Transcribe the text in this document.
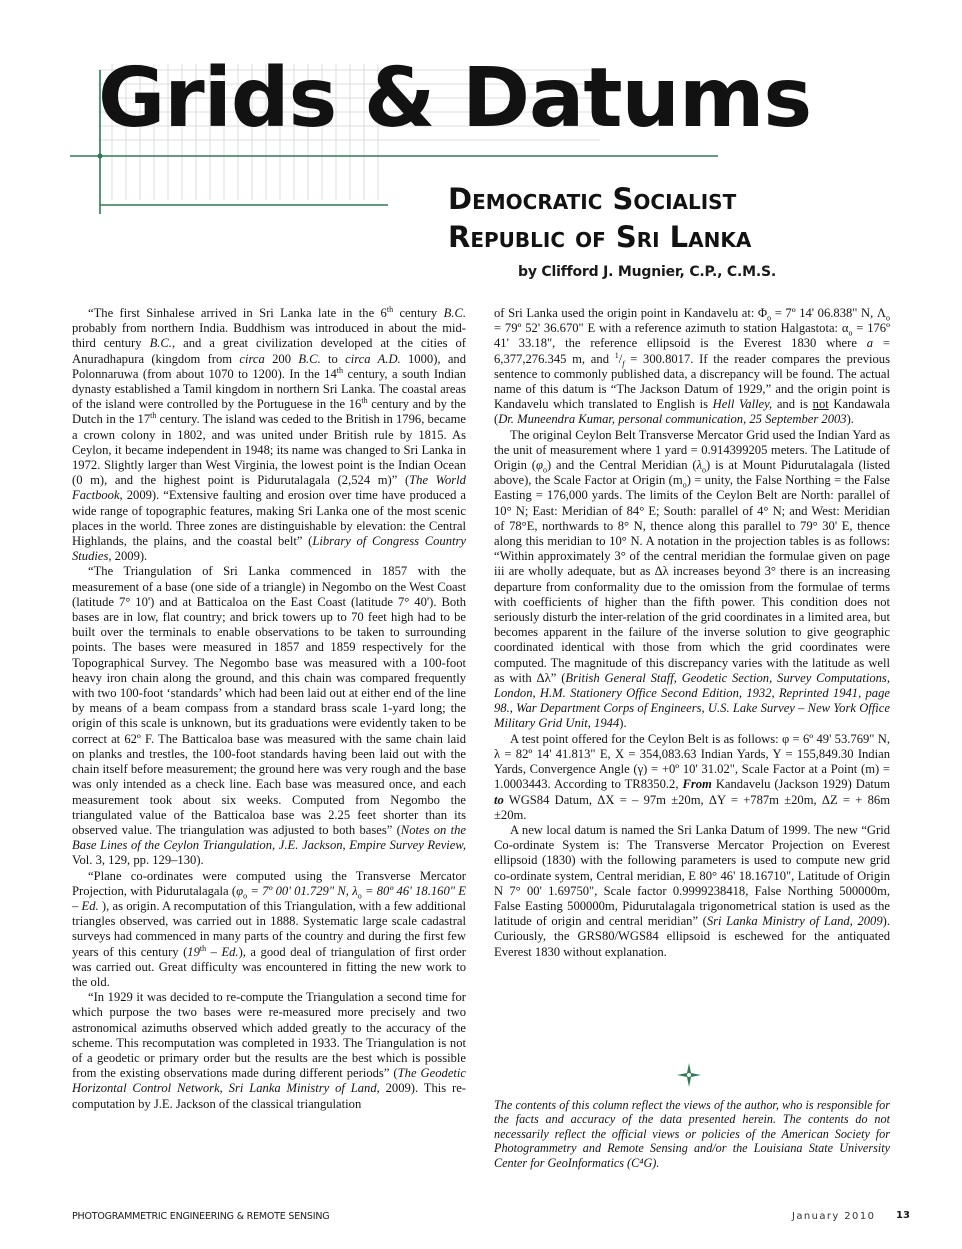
Grids & Datums
Democratic Socialist
Republic of Sri Lanka

by Clifford J. Mugnier, C.P., C.M.S.

“The first Sinhalese arrived in Sri Lanka late in the 6th century B.C. probably from northern India. Buddhism was introduced in about the mid-third century B.C., and a great civilization developed at the cities of Anuradhapura (kingdom from circa 200 B.C. to circa A.D. 1000), and Polonnaruwa (from about 1070 to 1200). In the 14th century, a south Indian dynasty established a Tamil kingdom in northern Sri Lanka. The coastal areas of the island were controlled by the Portuguese in the 16th century and by the Dutch in the 17th century. The island was ceded to the British in 1796, became a crown colony in 1802, and was united under British rule by 1815. As Ceylon, it became independent in 1948; its name was changed to Sri Lanka in 1972. Slightly larger than West Virginia, the lowest point is the Indian Ocean (0 m), and the highest point is Pidurutalagala (2,524 m)” (The World Factbook, 2009). “Extensive faulting and erosion over time have produced a wide range of topographic features, making Sri Lanka one of the most scenic places in the world. Three zones are distinguishable by elevation: the Central Highlands, the plains, and the coastal belt” (Library of Congress Country Studies, 2009).

“The Triangulation of Sri Lanka commenced in 1857 with the measurement of a base (one side of a triangle) in Negombo on the West Coast (latitude 7° 10') and at Batticaloa on the East Coast (latitude 7° 40'). Both bases are in low, flat country; and brick towers up to 70 feet high had to be built over the terminals to enable observations to be taken to surrounding points. The bases were measured in 1857 and 1859 respectively for the Topographical Survey. The Negombo base was measured with a 100-foot heavy iron chain along the ground, and this chain was compared frequently with two 100-foot ‘standards’ which had been laid out at either end of the line by means of a beam compass from a standard brass scale 1-yard long; the origin of this scale is unknown, but its graduations were evidently taken to be correct at 62º F. The Batticaloa base was measured with the same chain laid on planks and trestles, the 100-foot standards having been laid out with the chain itself before measurement; the ground here was very rough and the base was only intended as a check line. Each base was measured once, and each measurement took about six weeks. Computed from Negombo the triangulated value of the Batticaloa base was 2.25 feet shorter than its observed value. The triangulation was adjusted to both bases” (Notes on the Base Lines of the Ceylon Triangulation, J.E. Jackson, Empire Survey Review, Vol. 3, 129, pp. 129–130).

“Plane co-ordinates were computed using the Transverse Mercator Projection, with Pidurutalagala ($\varphi_o$ = 7º 00' 01.729" N, $\lambda_o$ = 80º 46' 18.160" E – Ed. ), as origin. A recomputation of this Triangulation, with a few additional triangles observed, was carried out in 1888. Systematic large scale cadastral surveys had commenced in many parts of the country and during the first few years of this century (19th – Ed.), a good deal of triangulation of first order was carried out. Great difficulty was encountered in fitting the new work to the old.

“In 1929 it was decided to re-compute the Triangulation a second time for which purpose the two bases were re-measured more precisely and two astronomical azimuths observed which added greatly to the accuracy of the scheme. This recomputation was completed in 1933. The Triangulation is not of a geodetic or primary order but the results are the best which is possible from the existing observations made during different periods” (The Geodetic Horizontal Control Network, Sri Lanka Ministry of Land, 2009). This re-computation by J.E. Jackson of the classical triangulation

of Sri Lanka used the origin point in Kandavelu at: $\Phi_o$ = 7º 14' 06.838" N, $\Lambda_o$ = 79º 52' 36.670" E with a reference azimuth to station Halgastota: $\alpha_o$ = 176º 41' 33.18", the reference ellipsoid is the Everest 1830 where a = 6,377,276.345 m, and $^1/_f = 300.8017$. If the reader compares the previous sentence to commonly published data, a discrepancy will be found. The actual name of this datum is “The Jackson Datum of 1929,” and the origin point is Kandavelu which translated to English is Hell Valley, and is not Kandawala (Dr. Muneendra Kumar, personal communication, 25 September 2003).

The original Ceylon Belt Transverse Mercator Grid used the Indian Yard as the unit of measurement where 1 yard = 0.914399205 meters. The Latitude of Origin $(\varphi_o)$ and the Central Meridian $(\lambda_o)$ is at Mount Pidurutalagala (listed above), the Scale Factor at Origin $(m_o)$ = unity, the False Northing = the False Easting = 176,000 yards. The limits of the Ceylon Belt are North: parallel of 10° N; East: Meridian of 84° E; South: parallel of 4° N; and West: Meridian of 78°E, northwards to 8° N, thence along this parallel to 79° 30' E, thence along this meridian to 10° N. A notation in the projection tables is as follows: “Within approximately 3° of the central meridian the formulae given on page iii are wholly adequate, but as Δλ increases beyond 3° there is an increasing departure from conformality due to the omission from the formulae of terms with coefficients of higher than the fifth power. This condition does not seriously disturb the inter-relation of the grid coordinates in a limited area, but becomes apparent in the failure of the inverse solution to give geographic coordinated identical with those from which the grid coordinates were computed. The magnitude of this discrepancy varies with the latitude as well as with Δλ” (British General Staff, Geodetic Section, Survey Computations, London, H.M. Stationery Office Second Edition, 1932, Reprinted 1941, page 98., War Department Corps of Engineers, U.S. Lake Survey – New York Office Military Grid Unit, 1944).

A test point offered for the Ceylon Belt is as follows: φ = 6º 49' 53.769" N, λ = 82º 14' 41.813" E, X = 354,083.63 Indian Yards, Y = 155,849.30 Indian Yards, Convergence Angle (γ) = +0º 10' 31.02", Scale Factor at a Point (m) = 1.0003443. According to TR8350.2, From Kandavelu (Jackson 1929) Datum to WGS84 Datum, ΔX = – 97m ±20m, ΔY = +787m ±20m, ΔZ = + 86m ±20m.

A new local datum is named the Sri Lanka Datum of 1999. The new “Grid Co-ordinate System is: The Transverse Mercator Projection on Everest ellipsoid (1830) with the following parameters is used to compute new grid co-ordinate system, Central meridian, E 80° 46' 18.16710", Latitude of Origin N 7° 00' 1.69750", Scale factor 0.9999238418, False Northing 500000m, False Easting 500000m, Pidurutalagala trigonometrical station is used as the latitude of origin and central meridian” (Sri Lanka Ministry of Land, 2009). Curiously, the GRS80/WGS84 ellipsoid is eschewed for the antiquated Everest 1830 without explanation.

The contents of this column reflect the views of the author, who is responsible for the facts and accuracy of the data presented herein. The contents do not necessarily reflect the official views or policies of the American Society for Photogrammetry and Remote Sensing and/or the Louisiana State University Center for GeoInformatics (C⁴G).

PHOTOGRAMMETRIC ENGINEERING & REMOTE SENSING	January 2010 13
